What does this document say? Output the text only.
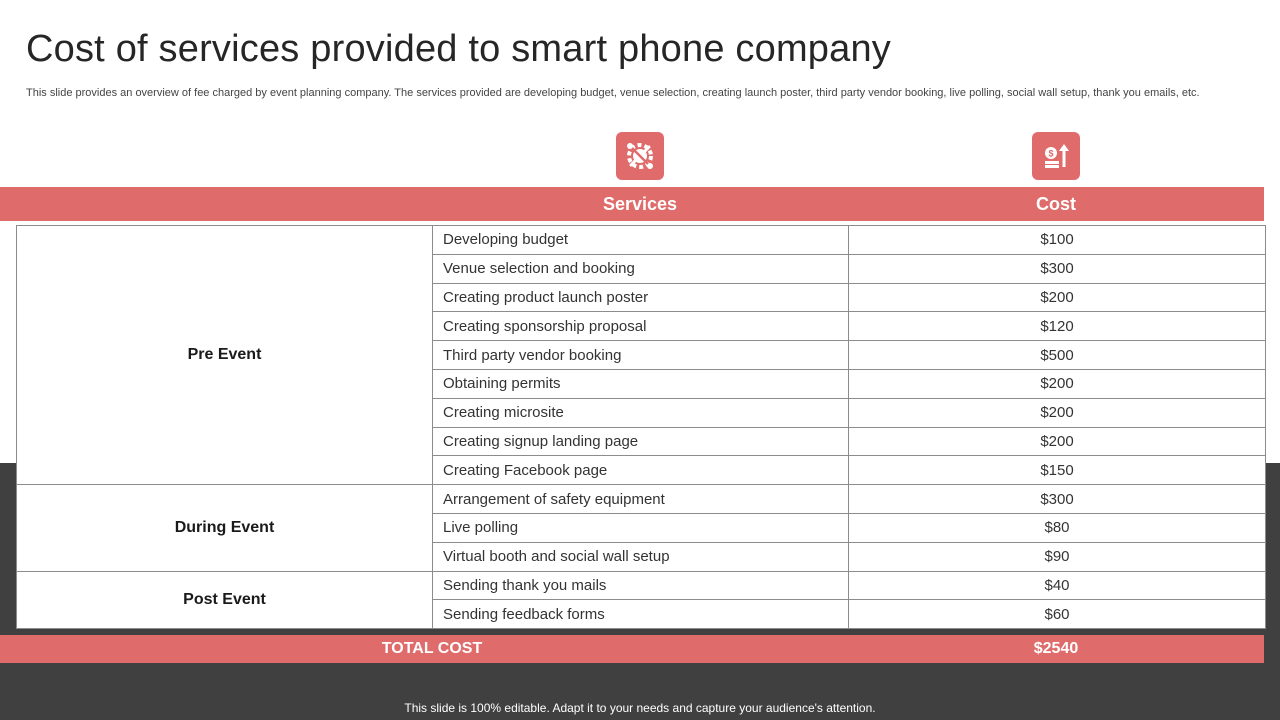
Cost of services provided to smart phone company

This slide provides an overview of fee charged by event planning company. The services provided are developing budget, venue selection, creating launch poster, third party vendor booking, live polling, social wall setup, thank you emails, etc.

$
Services	Cost
Pre Event	Developing budget	$100
	Venue selection and booking	$300
	Creating product launch poster	$200
	Creating sponsorship proposal	$120
	Third party vendor booking	$500
	Obtaining permits	$200
	Creating microsite	$200
	Creating signup landing page	$200
	Creating Facebook page	$150
During Event	Arrangement of safety equipment	$300
	Live polling	$80
	Virtual booth and social wall setup	$90
Post Event	Sending thank you mails	$40
	Sending feedback forms	$60
TOTAL COST	$2540
This slide is 100% editable. Adapt it to your needs and capture your audience's attention.
